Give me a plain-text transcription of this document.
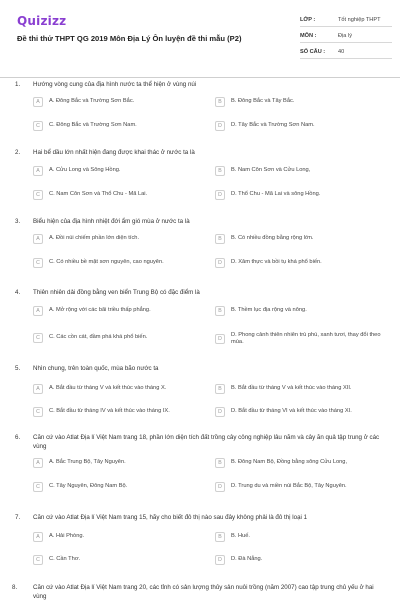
Quizizz
Đề thi thử THPT QG 2019 Môn Địa Lý Ôn luyện đề thi mẫu (P2)
LỚP :	Tốt nghiệp THPT
MÔN :	Địa lý
SỐ CÂU :	40
1. Hướng vòng cung của địa hình nước ta thể hiện ở vùng núi
A	A. Đông Bắc và Trường Sơn Bắc.	B	B. Đông Bắc và Tây Bắc.
C	C. Đông Bắc và Trường Sơn Nam.	D	D. Tây Bắc và Trường Sơn Nam.
2. Hai bể dầu lớn nhất hiện đang được khai thác ở nước ta là
A	A. Cửu Long và Sông Hồng.	B	B. Nam Côn Sơn và Cửu Long,
C	C. Nam Côn Sơn và Thổ Chu - Mã Lai.	D	D. Thổ Chu - Mã Lai và sông Hồng.
3. Biểu hiện của địa hình nhiệt đới ẩm gió mùa ở nước ta là
A	A. Đồi núi chiếm phần lớn diện tích.	B	B. Có nhiều đồng bằng rộng lớn.
C	C. Có nhiều bề mặt sơn nguyên, cao nguyên.	D	D. Xâm thực và bồi tụ khá phổ biến.
4. Thiên nhiên dải đồng bằng ven biển Trung Bộ có đặc điểm là
A	A. Mở rộng với các bãi triều thấp phẳng.	B	B. Thềm lục địa rộng và nông.
C	C. Các cồn cát, đầm phá khá phổ biến.	D
D. Phong cảnh thiên nhiên trù phú, xanh tươi, thay đổi theo mùa.
5. Nhìn chung, trên toàn quốc, mùa bão nước ta
A	A. Bắt đầu từ tháng V và kết thúc vào tháng X.	B	B. Bắt đầu từ tháng V và kết thúc vào tháng XII.
C	C. Bắt đầu từ tháng IV và kết thúc vào tháng IX.	D	D. Bắt đầu từ tháng VI và kết thúc vào tháng XI.
6. Căn cứ vào Atlat Địa lí Việt Nam trang 18, phần lớn diện tích đất trồng cây công nghiệp lâu năm và cây ăn quả tập trung ở các vùng
A	A. Bắc Trung Bộ, Tây Nguyên.	B	B. Đông Nam Bộ, Đồng bằng sông Cửu Long,
C	C. Tây Nguyên, Đông Nam Bộ.	D	D. Trung du và miền núi Bắc Bộ, Tây Nguyên.
7. Căn cứ vào Atlat Địa lí Việt Nam trang 15, hãy cho biết đô thị nào sau đây không phải là đô thị loại 1
A	A. Hải Phòng.	B	B. Huế.
C	C. Cần Thơ.	D	D. Đà Nẵng.
8.	Căn cứ vào Atlat Địa lí Việt Nam trang 20, các tỉnh có sản lượng thủy sản nuôi trồng (năm 2007) cao tập trung chủ yếu ở hai vùng
